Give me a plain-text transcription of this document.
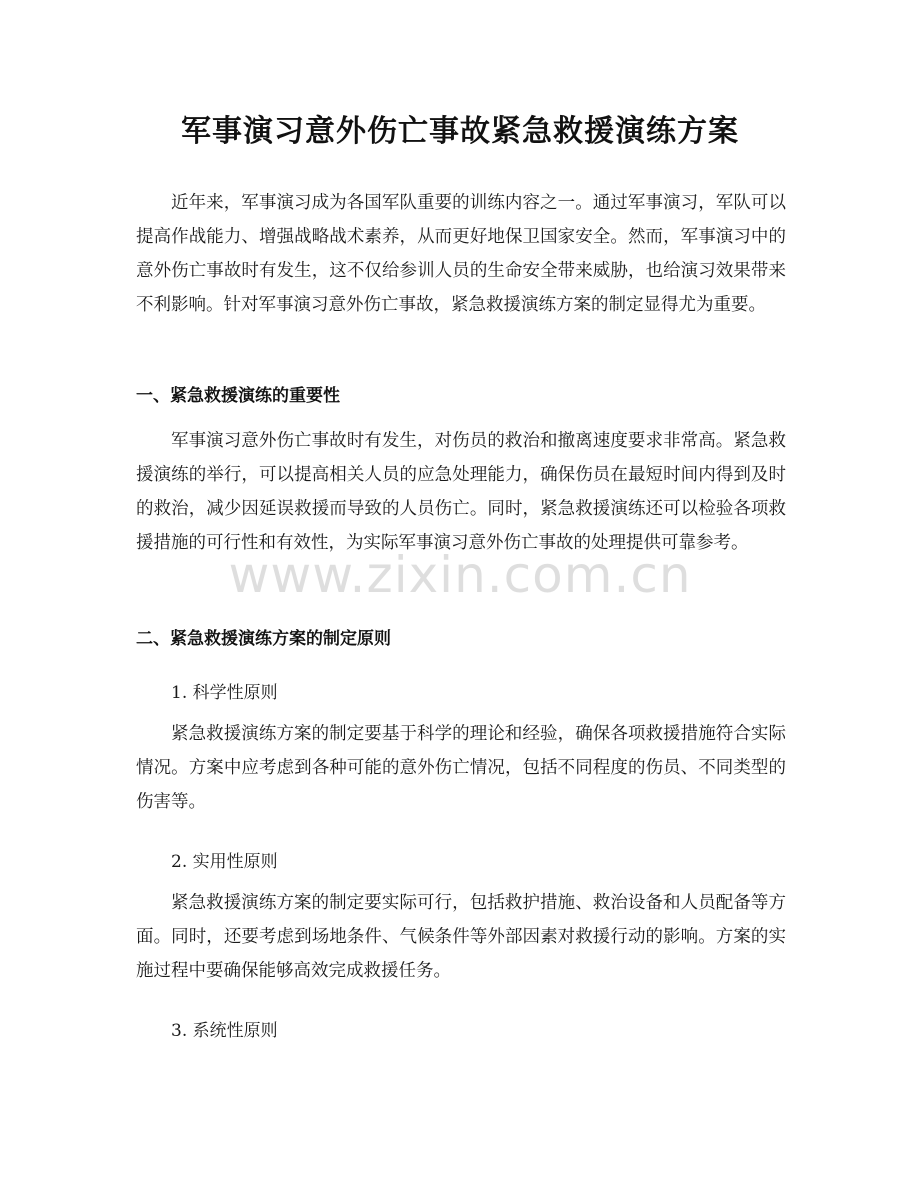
军事演习意外伤亡事故紧急救援演练方案
近年来，军事演习成为各国军队重要的训练内容之一。通过军事演习，军队可以提高作战能力、增强战略战术素养，从而更好地保卫国家安全。然而，军事演习中的意外伤亡事故时有发生，这不仅给参训人员的生命安全带来威胁，也给演习效果带来不利影响。针对军事演习意外伤亡事故，紧急救援演练方案的制定显得尤为重要。
一、紧急救援演练的重要性
军事演习意外伤亡事故时有发生，对伤员的救治和撤离速度要求非常高。紧急救援演练的举行，可以提高相关人员的应急处理能力，确保伤员在最短时间内得到及时的救治，减少因延误救援而导致的人员伤亡。同时，紧急救援演练还可以检验各项救援措施的可行性和有效性，为实际军事演习意外伤亡事故的处理提供可靠参考。
二、紧急救援演练方案的制定原则
1. 科学性原则
紧急救援演练方案的制定要基于科学的理论和经验，确保各项救援措施符合实际情况。方案中应考虑到各种可能的意外伤亡情况，包括不同程度的伤员、不同类型的伤害等。
2. 实用性原则
紧急救援演练方案的制定要实际可行，包括救护措施、救治设备和人员配备等方面。同时，还要考虑到场地条件、气候条件等外部因素对救援行动的影响。方案的实施过程中要确保能够高效完成救援任务。
3. 系统性原则
www.zixin.com.cn
